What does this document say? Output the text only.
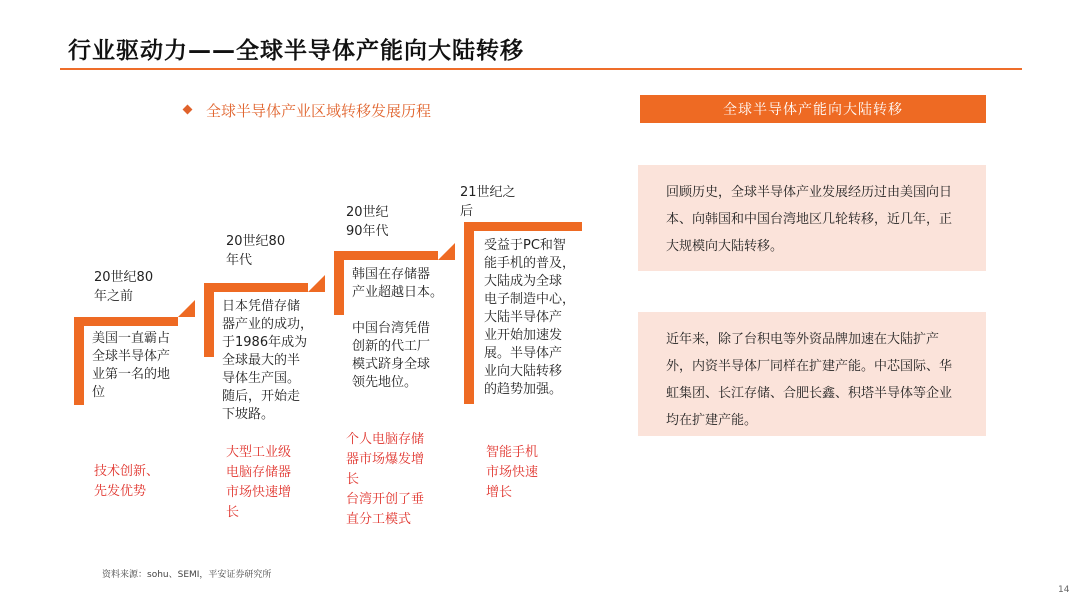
行业驱动力——全球半导体产能向大陆转移
全球半导体产业区域转移发展历程	全球半导体产能向大陆转移
回顾历史，全球半导体产业发展经历过由美国向日本、向韩国和中国台湾地区几轮转移，近几年，正大规模向大陆转移。
近年来，除了台积电等外资品牌加速在大陆扩产外，内资半导体厂同样在扩建产能。中芯国际、华虹集团、长江存储、合肥长鑫、积塔半导体等企业均在扩建产能。
20世纪80
年之前
美国一直霸占
全球半导体产
业第一名的地
位
技术创新、
先发优势
20世纪80
年代
日本凭借存储
器产业的成功，
于1986年成为
全球最大的半
导体生产国。
随后，开始走
下坡路。
大型工业级
电脑存储器
市场快速增
长
20世纪
90年代
韩国在存储器
产业超越日本。

中国台湾凭借
创新的代工厂
模式跻身全球
领先地位。
个人电脑存储
器市场爆发增
长
台湾开创了垂
直分工模式
21世纪之
后
受益于PC和智
能手机的普及，
大陆成为全球
电子制造中心，
大陆半导体产
业开始加速发
展。半导体产
业向大陆转移
的趋势加强。
智能手机
市场快速
增长
资料来源：sohu、SEMI，平安证券研究所
14
